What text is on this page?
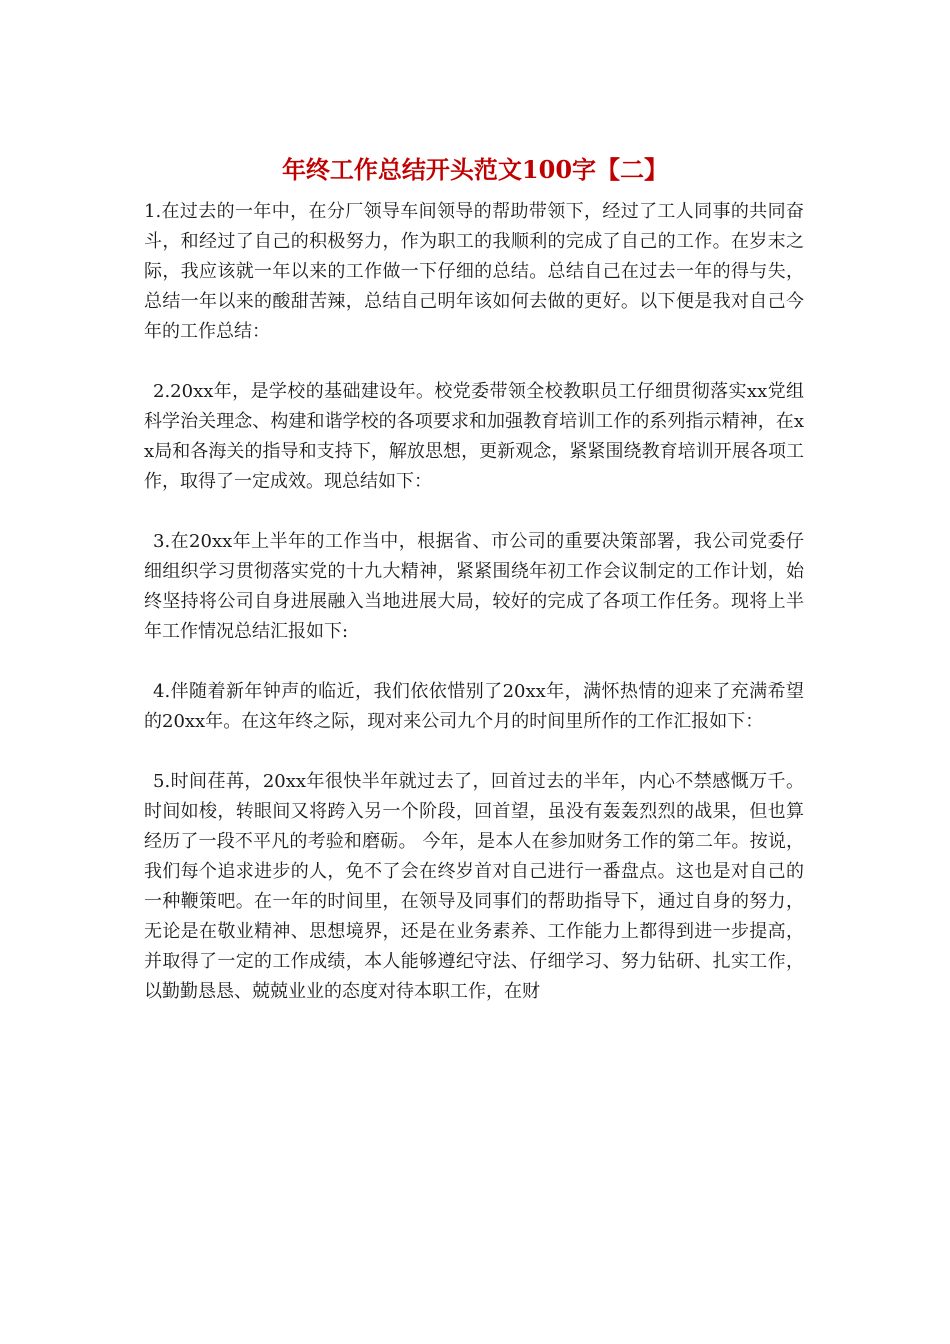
年终工作总结开头范文100字【二】

1.在过去的一年中，在分厂领导车间领导的帮助带领下，经过了工人同事的共同奋斗，和经过了自己的积极努力，作为职工的我顺利的完成了自己的工作。在岁末之际，我应该就一年以来的工作做一下仔细的总结。总结自己在过去一年的得与失，总结一年以来的酸甜苦辣，总结自己明年该如何去做的更好。以下便是我对自己今年的工作总结：

2.20xx年，是学校的基础建设年。校党委带领全校教职员工仔细贯彻落实xx党组科学治关理念、构建和谐学校的各项要求和加强教育培训工作的系列指示精神，在xx局和各海关的指导和支持下，解放思想，更新观念，紧紧围绕教育培训开展各项工作，取得了一定成效。现总结如下：

3.在20xx年上半年的工作当中，根据省、市公司的重要决策部署，我公司党委仔细组织学习贯彻落实党的十九大精神，紧紧围绕年初工作会议制定的工作计划，始终坚持将公司自身进展融入当地进展大局，较好的完成了各项工作任务。现将上半年工作情况总结汇报如下:

4.伴随着新年钟声的临近，我们依依惜别了20xx年，满怀热情的迎来了充满希望的20xx年。在这年终之际，现对来公司九个月的时间里所作的工作汇报如下：

5.时间荏苒，20xx年很快半年就过去了，回首过去的半年，内心不禁感慨万千。时间如梭，转眼间又将跨入另一个阶段，回首望，虽没有轰轰烈烈的战果，但也算经历了一段不平凡的考验和磨砺。 今年，是本人在参加财务工作的第二年。按说，我们每个追求进步的人，免不了会在终岁首对自己进行一番盘点。这也是对自己的一种鞭策吧。在一年的时间里，在领导及同事们的帮助指导下，通过自身的努力，无论是在敬业精神、思想境界，还是在业务素养、工作能力上都得到进一步提高，并取得了一定的工作成绩，本人能够遵纪守法、仔细学习、努力钻研、扎实工作，以勤勤恳恳、兢兢业业的态度对待本职工作，在财
